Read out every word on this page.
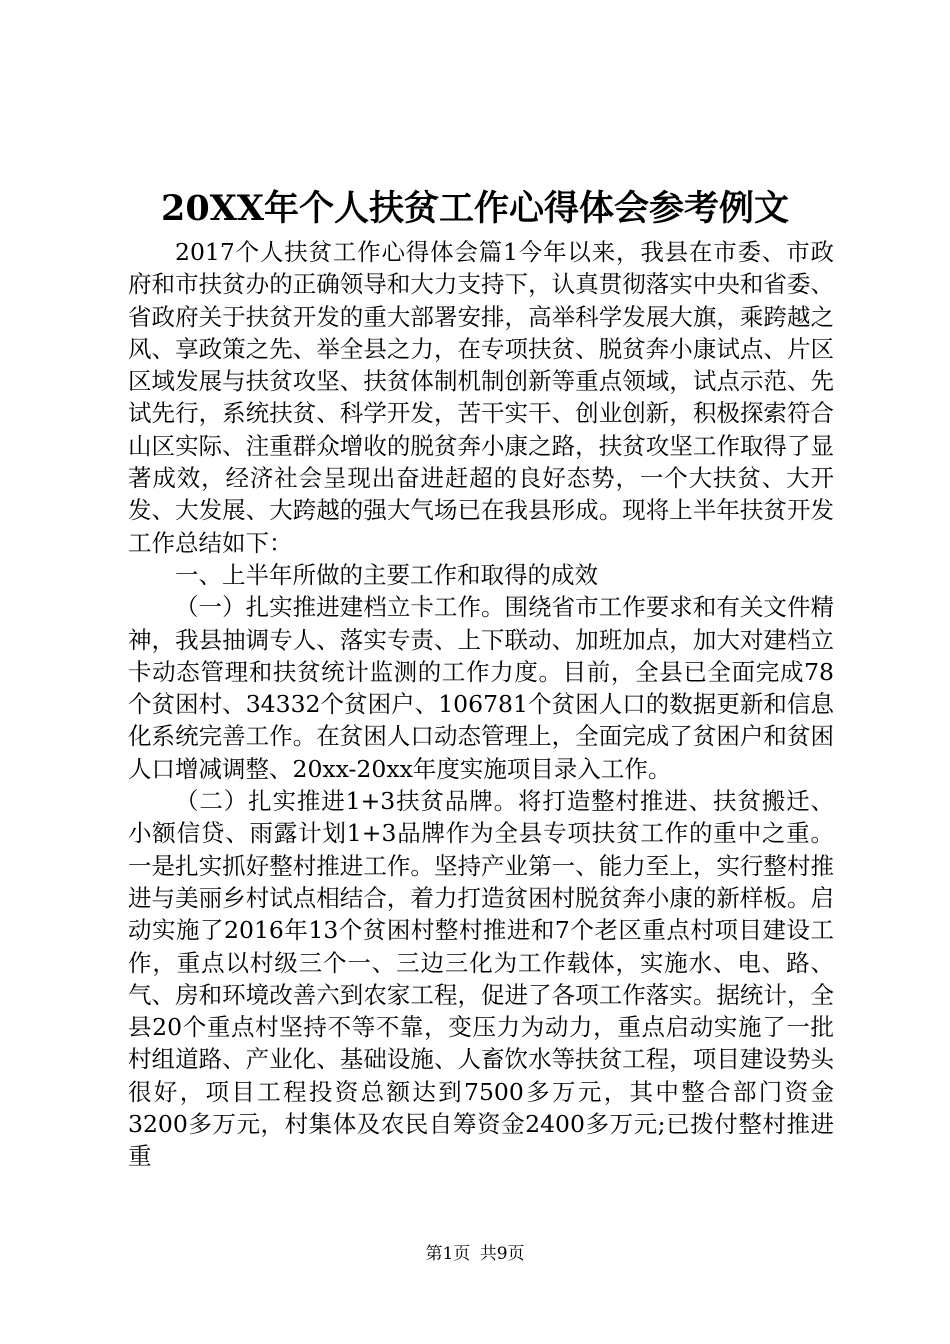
20XX年个人扶贫工作心得体会参考例文

2017个人扶贫工作心得体会篇1今年以来，我县在市委、市政府和市扶贫办的正确领导和大力支持下，认真贯彻落实中央和省委、省政府关于扶贫开发的重大部署安排，高举科学发展大旗，乘跨越之风、享政策之先、举全县之力，在专项扶贫、脱贫奔小康试点、片区区域发展与扶贫攻坚、扶贫体制机制创新等重点领域，试点示范、先试先行，系统扶贫、科学开发，苦干实干、创业创新，积极探索符合山区实际、注重群众增收的脱贫奔小康之路，扶贫攻坚工作取得了显著成效，经济社会呈现出奋进赶超的良好态势，一个大扶贫、大开发、大发展、大跨越的强大气场已在我县形成。现将上半年扶贫开发工作总结如下：

一、上半年所做的主要工作和取得的成效

（一）扎实推进建档立卡工作。围绕省市工作要求和有关文件精神，我县抽调专人、落实专责、上下联动、加班加点，加大对建档立卡动态管理和扶贫统计监测的工作力度。目前，全县已全面完成78个贫困村、34332个贫困户、106781个贫困人口的数据更新和信息化系统完善工作。在贫困人口动态管理上，全面完成了贫困户和贫困人口增减调整、20xx-20xx年度实施项目录入工作。

（二）扎实推进1+3扶贫品牌。将打造整村推进、扶贫搬迁、小额信贷、雨露计划1+3品牌作为全县专项扶贫工作的重中之重。一是扎实抓好整村推进工作。坚持产业第一、能力至上，实行整村推进与美丽乡村试点相结合，着力打造贫困村脱贫奔小康的新样板。启动实施了2016年13个贫困村整村推进和7个老区重点村项目建设工作，重点以村级三个一、三边三化为工作载体，实施水、电、路、气、房和环境改善六到农家工程，促进了各项工作落实。据统计，全县20个重点村坚持不等不靠，变压力为动力，重点启动实施了一批村组道路、产业化、基础设施、人畜饮水等扶贫工程，项目建设势头很好，项目工程投资总额达到7500多万元，其中整合部门资金3200多万元，村集体及农民自筹资金2400多万元;已拨付整村推进重

第1页 共9页
